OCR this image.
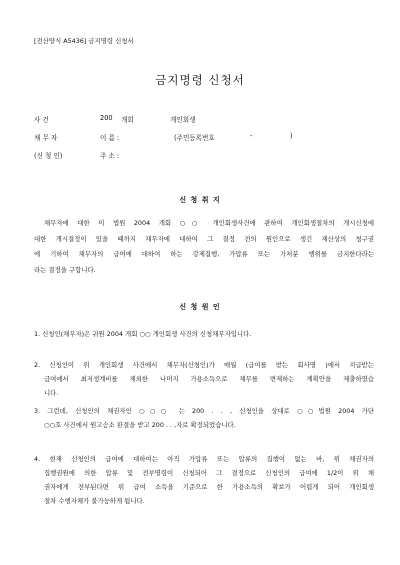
[전산양식 A5436] 금지명령 신청서
금지명령 신청서
사 건	200 개회	개인회생
채 무 자	이 름 :	(주민등록번호	-	)
(신 청 인)	주 소 :
신 청 취 지

채무자에 대한 이 법원 2004 개회 ○○ 개인회생사건에 관하여 개인회생절차의 개시신청에

대한 개시결정이 있을 때까지 채무자에 대하여 그 결정 전의 원인으로 생긴 재산상의 청구권

에 기하여 채무자의 급여에 대하여 하는 강제집행, 가압류 또는 가처분 행위를 금지한다라는

라는 결정을 구합니다.

신 청 원 인
1. 신청인(채무자)은 귀원 2004 개회 ○○ 개인회생 사건의 신청채무자입니다.
2. 신청인이 위 개인회생 사건에서 채무자(신청인)가 매월 (급여를 받는 회사명 )에서 지급받는
급여에서 최저생계비를 제외한 나머지 가용소득으로 채무를 변제하는 계획안을 제출하였습
니다.
3. 그런데, 신청인의 채권자인 ○○○ 는 200 . . , 신청인을 상대로 ○○법원 2004 가단
○○호 사건에서 원고승소 판결을 받고 200 . . ,자로 확정되었습니다.
4. 현재 신청인의 급여에 대하여는 아직 가압류 또는 압류의 집행이 없는 바, 위 채권자의
집행권원에 의한 압류 및 전부명령이 신청되어 그 결정으로 신청인의 급여에 1/2이 위 채
권자에게 전부된다면 위 급여 소득을 기준으로 한 가용소득의 확보가 어렵게 되어 개인회생
절차 수행자체가 불가능하게 됩니다.
